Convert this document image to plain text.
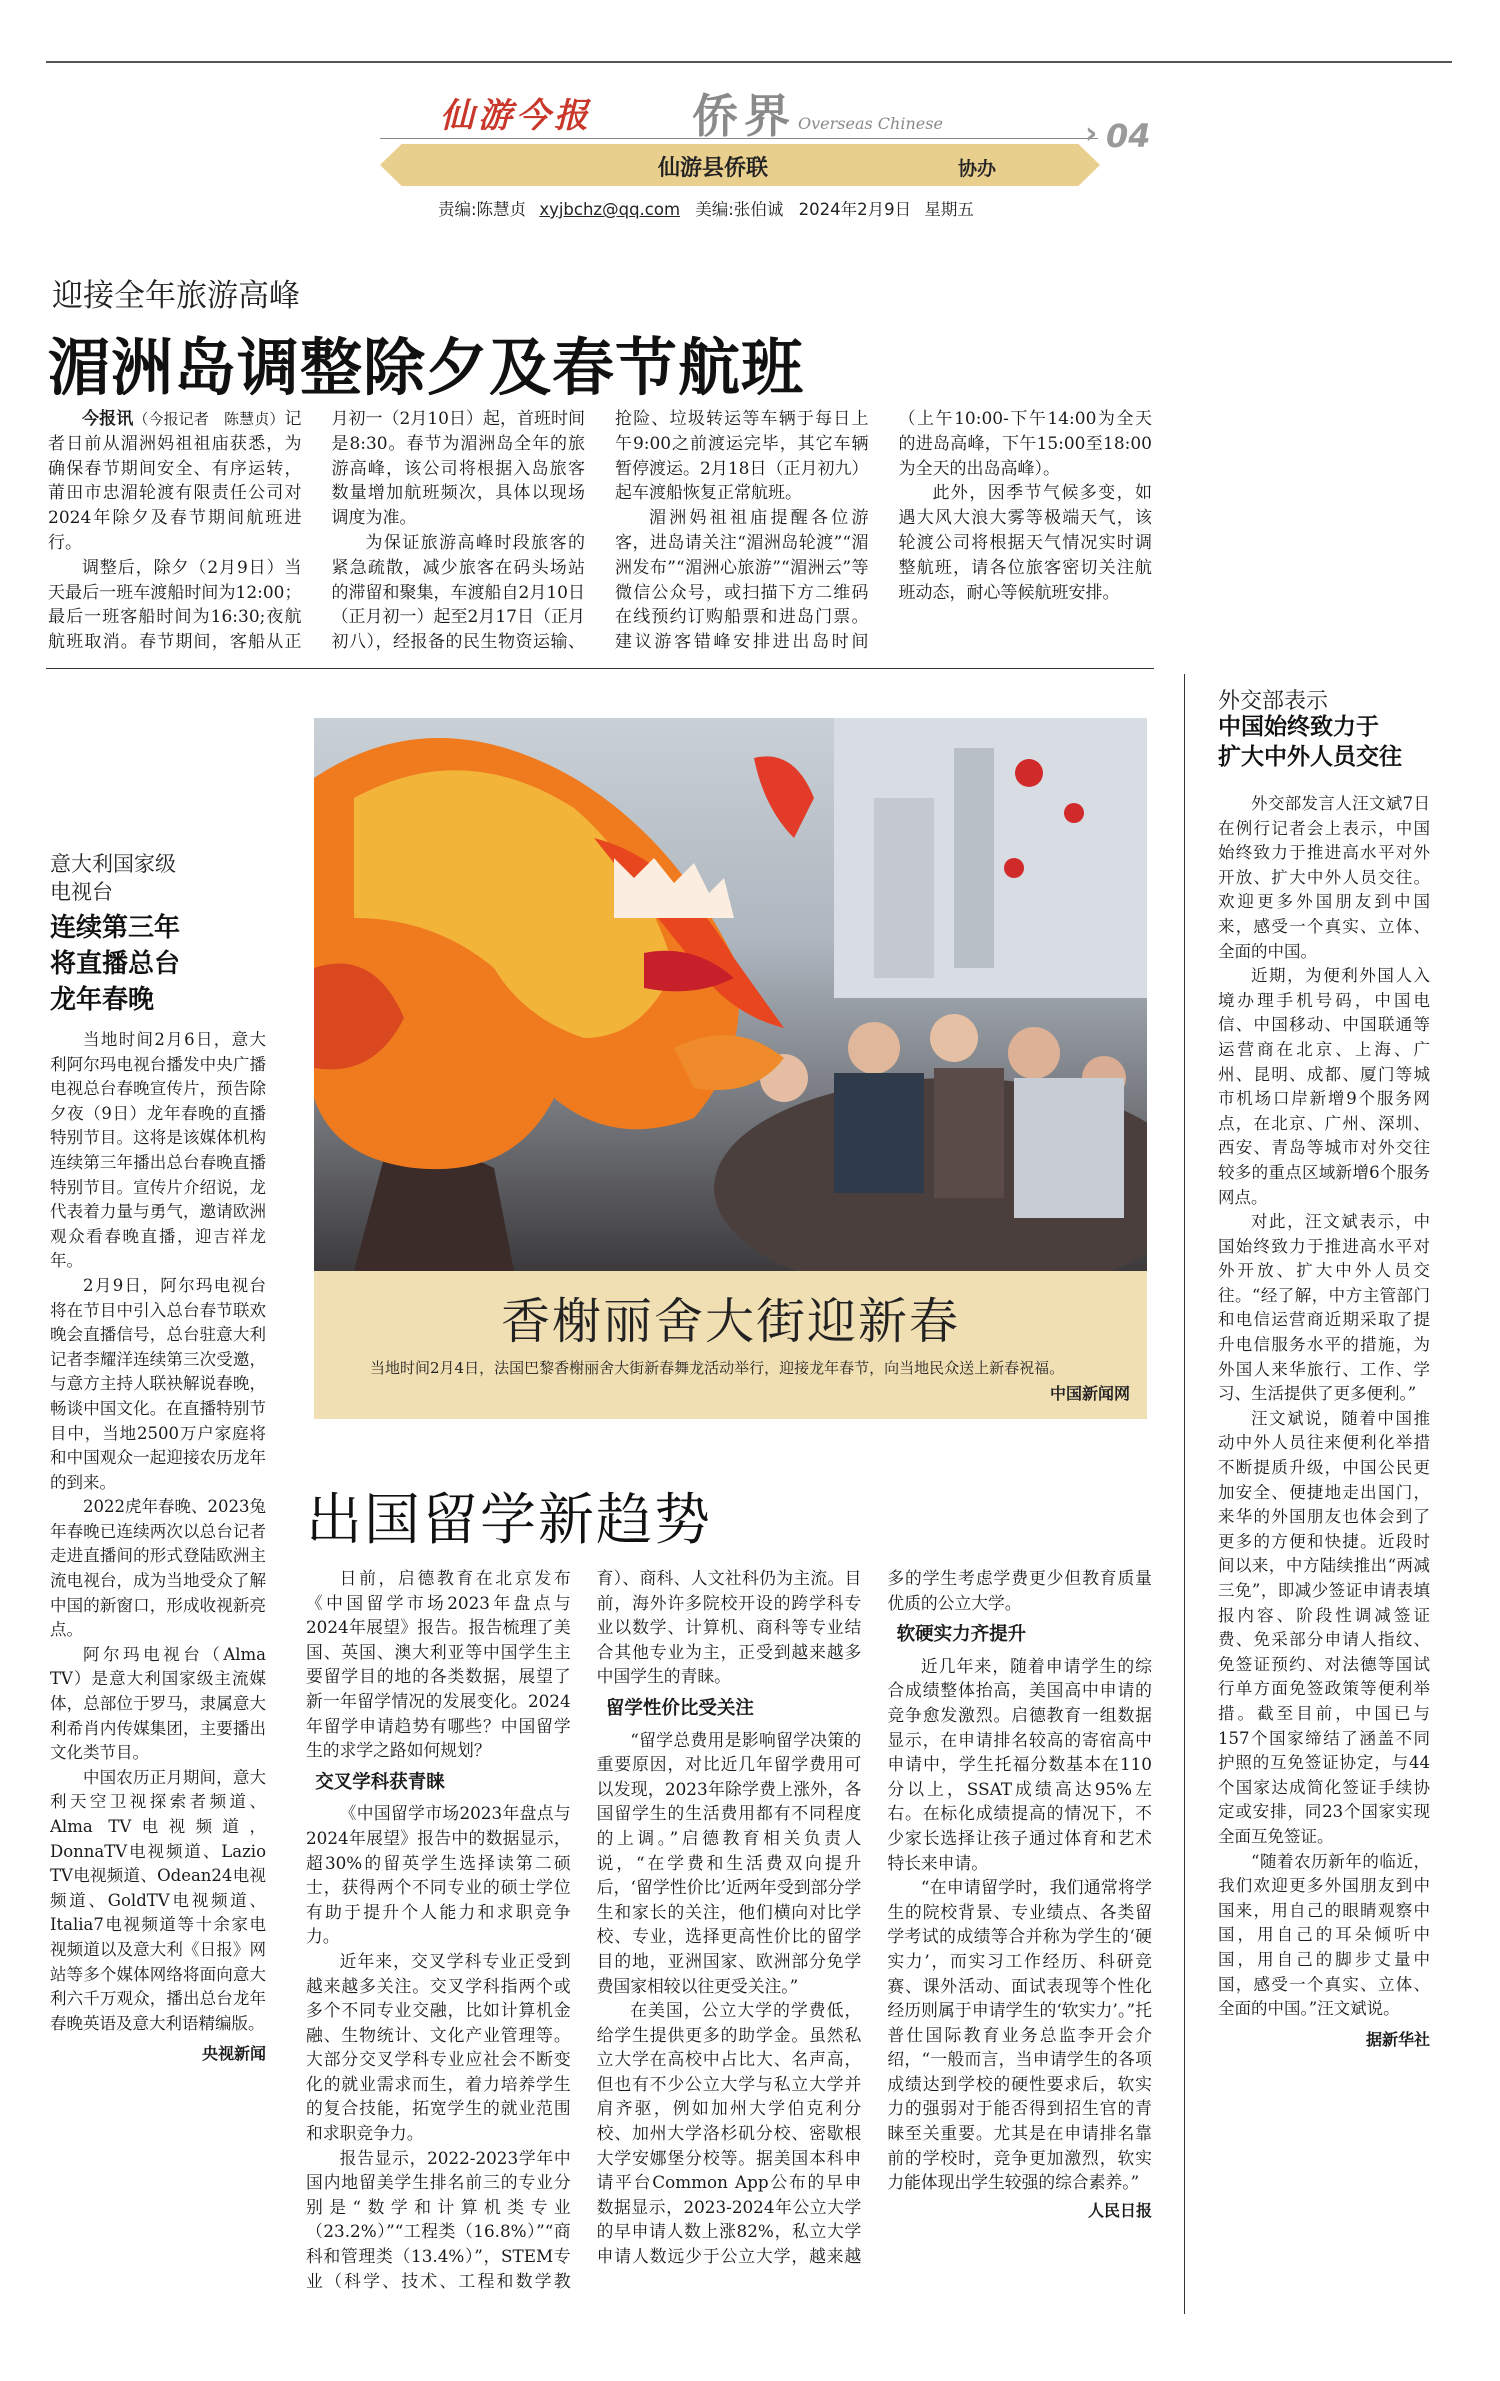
仙游今报 侨界 Overseas Chinese	› 04
仙游县侨联	协办
责编:陈慧贞 xyjbchz@qq.com 美编:张伯诚 2024年2月9日 星期五
迎接全年旅游高峰
湄洲岛调整除夕及春节航班

今报讯（今报记者　陈慧贞）记者日前从湄洲妈祖祖庙获悉，为确保春节期间安全、有序运转，莆田市忠湄轮渡有限责任公司对2024年除夕及春节期间航班进行。

调整后，除夕（2月9日）当天最后一班车渡船时间为12:00；最后一班客船时间为16:30;夜航航班取消。春节期间，客船从正月初一（2月10日）起，首班时间是8:30。春节为湄洲岛全年的旅游高峰，该公司将根据入岛旅客数量增加航班频次，具体以现场调度为准。

为保证旅游高峰时段旅客的紧急疏散，减少旅客在码头场站的滞留和聚集，车渡船自2月10日（正月初一）起至2月17日（正月初八），经报备的民生物资运输、抢险、垃圾转运等车辆于每日上午9:00之前渡运完毕，其它车辆暂停渡运。2月18日（正月初九）起车渡船恢复正常航班。

湄洲妈祖祖庙提醒各位游客，进岛请关注“湄洲岛轮渡”“湄洲发布”“湄洲心旅游”“湄洲云”等微信公众号，或扫描下方二维码在线预约订购船票和进岛门票。建议游客错峰安排进出岛时间（上午10:00-下午14:00为全天的进岛高峰，下午15:00至18:00为全天的出岛高峰）。

此外，因季节气候多变，如遇大风大浪大雾等极端天气，该轮渡公司将根据天气情况实时调整航班，请各位旅客密切关注航班动态，耐心等候航班安排。

意大利国家级
电视台
连续第三年
将直播总台
龙年春晚

当地时间2月6日，意大利阿尔玛电视台播发中央广播电视总台春晚宣传片，预告除夕夜（9日）龙年春晚的直播特别节目。这将是该媒体机构连续第三年播出总台春晚直播特别节目。宣传片介绍说，龙代表着力量与勇气，邀请欧洲观众看春晚直播，迎吉祥龙年。

2月9日，阿尔玛电视台将在节目中引入总台春节联欢晚会直播信号，总台驻意大利记者李耀洋连续第三次受邀，与意方主持人联袂解说春晚，畅谈中国文化。在直播特别节目中，当地2500万户家庭将和中国观众一起迎接农历龙年的到来。

2022虎年春晚、2023兔年春晚已连续两次以总台记者走进直播间的形式登陆欧洲主流电视台，成为当地受众了解中国的新窗口，形成收视新亮点。

阿尔玛电视台（Alma TV）是意大利国家级主流媒体，总部位于罗马，隶属意大利希肖内传媒集团，主要播出文化类节目。

中国农历正月期间，意大利天空卫视探索者频道、Alma TV电视频道，DonnaTV电视频道、Lazio TV电视频道、Odean24电视频道、GoldTV电视频道、Italia7电视频道等十余家电视频道以及意大利《日报》网站等多个媒体网络将面向意大利六千万观众，播出总台龙年春晚英语及意大利语精编版。

央视新闻
香榭丽舍大街迎新春
当地时间2月4日，法国巴黎香榭丽舍大街新春舞龙活动举行，迎接龙年春节，向当地民众送上新春祝福。
中国新闻网
外交部表示
中国始终致力于
扩大中外人员交往

外交部发言人汪文斌7日在例行记者会上表示，中国始终致力于推进高水平对外开放、扩大中外人员交往。欢迎更多外国朋友到中国来，感受一个真实、立体、全面的中国。

近期，为便利外国人入境办理手机号码，中国电信、中国移动、中国联通等运营商在北京、上海、广州、昆明、成都、厦门等城市机场口岸新增9个服务网点，在北京、广州、深圳、西安、青岛等城市对外交往较多的重点区域新增6个服务网点。

对此，汪文斌表示，中国始终致力于推进高水平对外开放、扩大中外人员交往。“经了解，中方主管部门和电信运营商近期采取了提升电信服务水平的措施，为外国人来华旅行、工作、学习、生活提供了更多便利。”

汪文斌说，随着中国推动中外人员往来便利化举措不断提质升级，中国公民更加安全、便捷地走出国门，来华的外国朋友也体会到了更多的方便和快捷。近段时间以来，中方陆续推出“两减三免”，即减少签证申请表填报内容、阶段性调减签证费、免采部分申请人指纹、免签证预约、对法德等国试行单方面免签政策等便利举措。截至目前，中国已与157个国家缔结了涵盖不同护照的互免签证协定，与44个国家达成简化签证手续协定或安排，同23个国家实现全面互免签证。

“随着农历新年的临近，我们欢迎更多外国朋友到中国来，用自己的眼睛观察中国，用自己的耳朵倾听中国，用自己的脚步丈量中国，感受一个真实、立体、全面的中国。”汪文斌说。

据新华社
出国留学新趋势

日前，启德教育在北京发布《中国留学市场2023年盘点与2024年展望》报告。报告梳理了美国、英国、澳大利亚等中国学生主要留学目的地的各类数据，展望了新一年留学情况的发展变化。2024年留学申请趋势有哪些？中国留学生的求学之路如何规划？

交叉学科获青睐

《中国留学市场2023年盘点与2024年展望》报告中的数据显示，超30%的留英学生选择读第二硕士，获得两个不同专业的硕士学位有助于提升个人能力和求职竞争力。

近年来，交叉学科专业正受到越来越多关注。交叉学科指两个或多个不同专业交融，比如计算机金融、生物统计、文化产业管理等。大部分交叉学科专业应社会不断变化的就业需求而生，着力培养学生的复合技能，拓宽学生的就业范围和求职竞争力。

报告显示，2022-2023学年中国内地留美学生排名前三的专业分别是“数学和计算机类专业（23.2%）”“工程类（16.8%）”“商科和管理类（13.4%）”，STEM专业（科学、技术、工程和数学教育）、商科、人文社科仍为主流。目前，海外许多院校开设的跨学科专业以数学、计算机、商科等专业结合其他专业为主，正受到越来越多中国学生的青睐。

留学性价比受关注

“留学总费用是影响留学决策的重要原因，对比近几年留学费用可以发现，2023年除学费上涨外，各国留学生的生活费用都有不同程度的上调。”启德教育相关负责人说，“在学费和生活费双向提升后，‘留学性价比’近两年受到部分学生和家长的关注，他们横向对比学校、专业，选择更高性价比的留学目的地，亚洲国家、欧洲部分免学费国家相较以往更受关注。”

在美国，公立大学的学费低，给学生提供更多的助学金。虽然私立大学在高校中占比大、名声高，但也有不少公立大学与私立大学并肩齐驱，例如加州大学伯克利分校、加州大学洛杉矶分校、密歇根大学安娜堡分校等。据美国本科申请平台Common App公布的早申数据显示，2023-2024年公立大学的早申请人数上涨82%，私立大学申请人数远少于公立大学，越来越多的学生考虑学费更少但教育质量优质的公立大学。

软硬实力齐提升

近几年来，随着申请学生的综合成绩整体抬高，美国高中申请的竞争愈发激烈。启德教育一组数据显示，在申请排名较高的寄宿高中申请中，学生托福分数基本在110分以上，SSAT成绩高达95%左右。在标化成绩提高的情况下，不少家长选择让孩子通过体育和艺术特长来申请。

“在申请留学时，我们通常将学生的院校背景、专业绩点、各类留学考试的成绩等合并称为学生的‘硬实力’，而实习工作经历、科研竞赛、课外活动、面试表现等个性化经历则属于申请学生的‘软实力’。”托普仕国际教育业务总监李开会介绍，“一般而言，当申请学生的各项成绩达到学校的硬性要求后，软实力的强弱对于能否得到招生官的青睐至关重要。尤其是在申请排名靠前的学校时，竞争更加激烈，软实力能体现出学生较强的综合素养。”

人民日报
